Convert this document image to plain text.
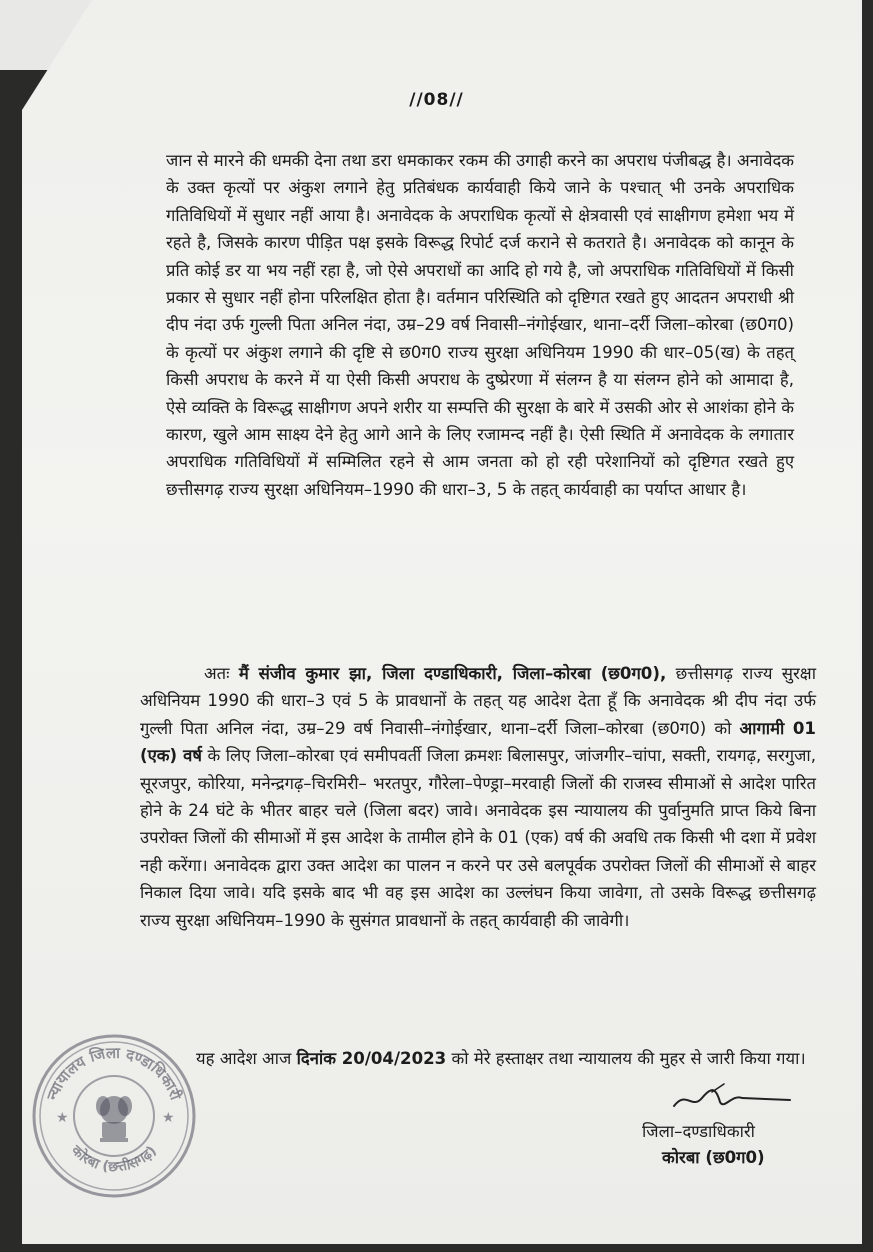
//08//

जान से मारने की धमकी देना तथा डरा धमकाकर रकम की उगाही करने का अपराध पंजीबद्ध है। अनावेदक के उक्त कृत्यों पर अंकुश लगाने हेतु प्रतिबंधक कार्यवाही किये जाने के पश्चात् भी उनके अपराधिक गतिविधियों में सुधार नहीं आया है। अनावेदक के अपराधिक कृत्यों से क्षेत्रवासी एवं साक्षीगण हमेशा भय में रहते है, जिसके कारण पीड़ित पक्ष इसके विरूद्ध रिपोर्ट दर्ज कराने से कतराते है। अनावेदक को कानून के प्रति कोई डर या भय नहीं रहा है, जो ऐसे अपराधों का आदि हो गये है, जो अपराधिक गतिविधियों में किसी प्रकार से सुधार नहीं होना परिलक्षित होता है। वर्तमान परिस्थिति को दृष्टिगत रखते हुए आदतन अपराधी श्री दीप नंदा उर्फ गुल्ली पिता अनिल नंदा, उम्र–29 वर्ष निवासी–नंगोईखार, थाना–दर्री जिला–कोरबा (छ0ग0) के कृत्यों पर अंकुश लगाने की दृष्टि से छ0ग0 राज्य सुरक्षा अधिनियम 1990 की धार–05(ख) के तहत् किसी अपराध के करने में या ऐसी किसी अपराध के दुष्प्रेरणा में संलग्न है या संलग्न होने को आमादा है, ऐसे व्यक्ति के विरूद्ध साक्षीगण अपने शरीर या सम्पत्ति की सुरक्षा के बारे में उसकी ओर से आशंका होने के कारण, खुले आम साक्ष्य देने हेतु आगे आने के लिए रजामन्द नहीं है। ऐसी स्थिति में अनावेदक के लगातार अपराधिक गतिविधियों में सम्मिलित रहने से आम जनता को हो रही परेशानियों को दृष्टिगत रखते हुए छत्तीसगढ़ राज्य सुरक्षा अधिनियम–1990 की धारा–3, 5 के तहत् कार्यवाही का पर्याप्त आधार है।

अतः मैं संजीव कुमार झा, जिला दण्डाधिकारी, जिला–कोरबा (छ0ग0), छत्तीसगढ़ राज्य सुरक्षा अधिनियम 1990 की धारा–3 एवं 5 के प्रावधानों के तहत् यह आदेश देता हूँ कि अनावेदक श्री दीप नंदा उर्फ गुल्ली पिता अनिल नंदा, उम्र–29 वर्ष निवासी–नंगोईखार, थाना–दर्री जिला–कोरबा (छ0ग0) को आगामी 01 (एक) वर्ष के लिए जिला–कोरबा एवं समीपवर्ती जिला क्रमशः बिलासपुर, जांजगीर–चांपा, सक्ती, रायगढ़, सरगुजा, सूरजपुर, कोरिया, मनेन्द्रगढ़–चिरमिरी– भरतपुर, गौरेला–पेण्ड्रा–मरवाही जिलों की राजस्व सीमाओं से आदेश पारित होने के 24 घंटे के भीतर बाहर चले (जिला बदर) जावे। अनावेदक इस न्यायालय की पुर्वानुमति प्राप्त किये बिना उपरोक्त जिलों की सीमाओं में इस आदेश के तामील होने के 01 (एक) वर्ष की अवधि तक किसी भी दशा में प्रवेश नही करेंगा। अनावेदक द्वारा उक्त आदेश का पालन न करने पर उसे बलपूर्वक उपरोक्त जिलों की सीमाओं से बाहर निकाल दिया जावे। यदि इसके बाद भी वह इस आदेश का उल्लंघन किया जावेगा, तो उसके विरूद्ध छत्तीसगढ़ राज्य सुरक्षा अधिनियम–1990 के सुसंगत प्रावधानों के तहत् कार्यवाही की जावेगी।

यह आदेश आज दिनांक 20/04/2023 को मेरे हस्ताक्षर तथा न्यायालय की मुहर से जारी किया गया।

न्यायालय जिला दण्डाधिकारी
कोरबा (छत्तीसगढ़)
★	★
जिला–दण्डाधिकारी
कोरबा (छ0ग0)
